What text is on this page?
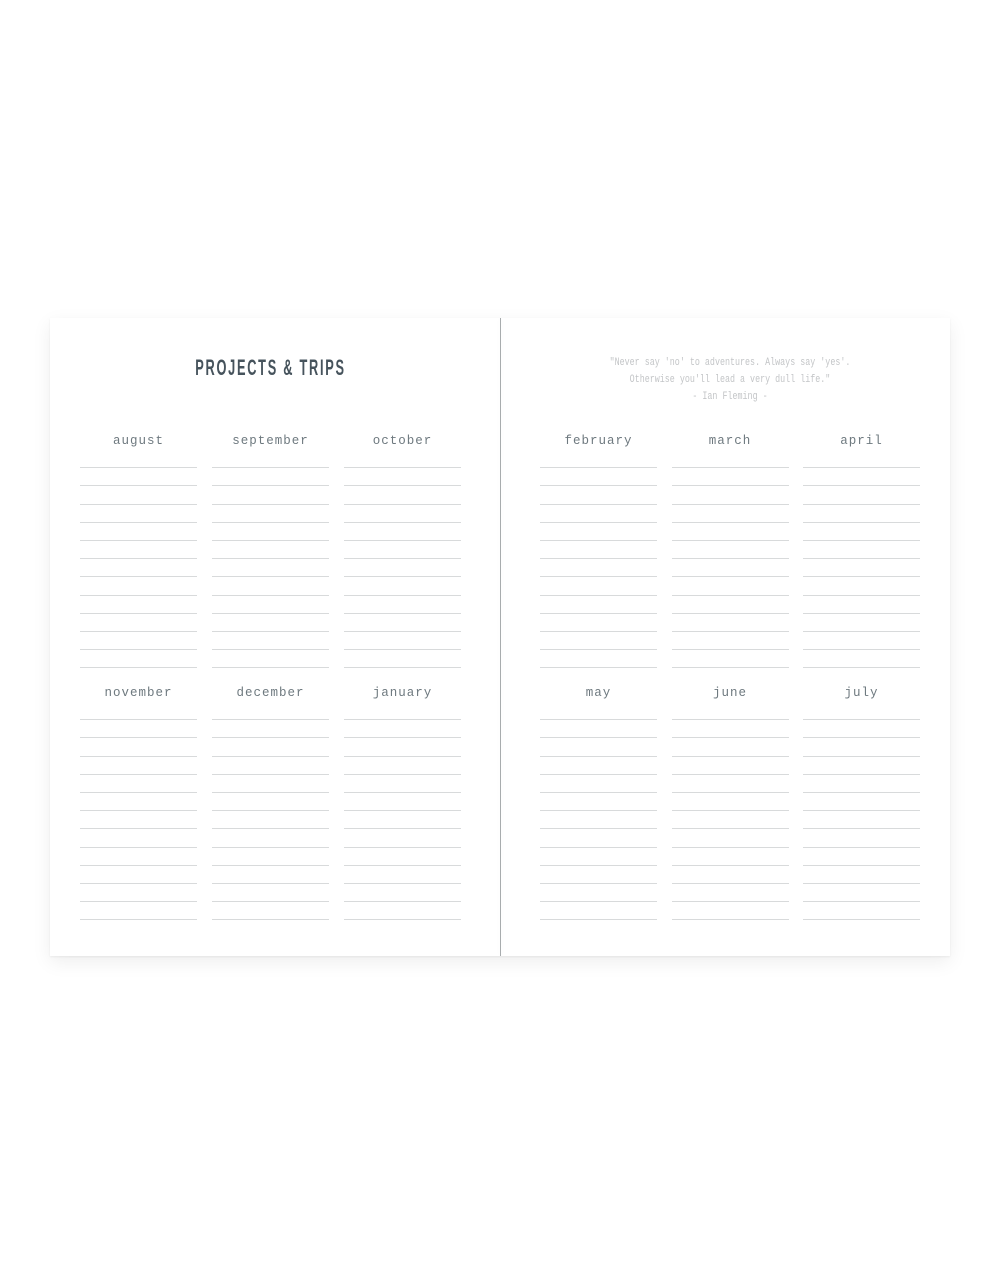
PROJECTS & TRIPS
august	september	october
november	december	january
"Never say 'no' to adventures. Always say 'yes'.
Otherwise you'll lead a very dull life."
- Ian Fleming -
february	march	april
may	june	july
